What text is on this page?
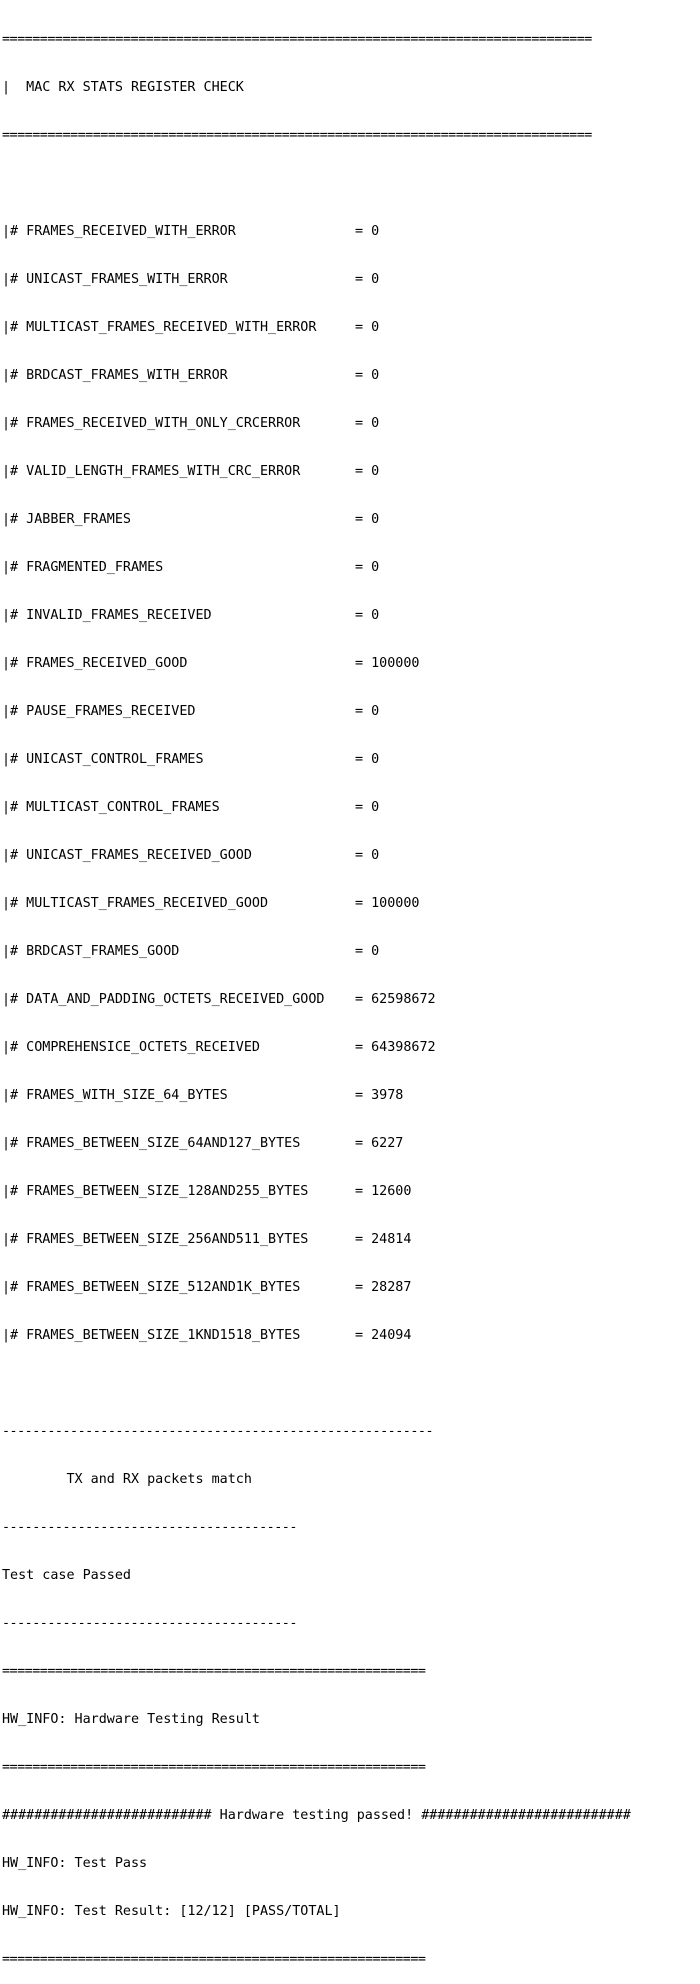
==============================================================================

|  MAC RX STATS REGISTER CHECK

==============================================================================

|# FRAMES_RECEIVED_WITH_ERROR	= 0

|# UNICAST_FRAMES_WITH_ERROR	= 0

|# MULTICAST_FRAMES_RECEIVED_WITH_ERROR	= 0

|# BRDCAST_FRAMES_WITH_ERROR	= 0

|# FRAMES_RECEIVED_WITH_ONLY_CRCERROR	= 0

|# VALID_LENGTH_FRAMES_WITH_CRC_ERROR	= 0

|# JABBER_FRAMES	= 0

|# FRAGMENTED_FRAMES	= 0

|# INVALID_FRAMES_RECEIVED	= 0

|# FRAMES_RECEIVED_GOOD	= 100000

|# PAUSE_FRAMES_RECEIVED	= 0

|# UNICAST_CONTROL_FRAMES	= 0

|# MULTICAST_CONTROL_FRAMES	= 0

|# UNICAST_FRAMES_RECEIVED_GOOD	= 0

|# MULTICAST_FRAMES_RECEIVED_GOOD	= 100000

|# BRDCAST_FRAMES_GOOD	= 0

|# DATA_AND_PADDING_OCTETS_RECEIVED_GOOD = 62598672

|# COMPREHENSICE_OCTETS_RECEIVED	= 64398672

|# FRAMES_WITH_SIZE_64_BYTES	= 3978

|# FRAMES_BETWEEN_SIZE_64AND127_BYTES	= 6227

|# FRAMES_BETWEEN_SIZE_128AND255_BYTES	= 12600

|# FRAMES_BETWEEN_SIZE_256AND511_BYTES	= 24814

|# FRAMES_BETWEEN_SIZE_512AND1K_BYTES	= 28287

|# FRAMES_BETWEEN_SIZE_1KND1518_BYTES	= 24094

---------------------------------------------------------

TX and RX packets match

---------------------------------------

Test case Passed

---------------------------------------

========================================================

HW_INFO: Hardware Testing Result

========================================================

########################## Hardware testing passed! ##########################

HW_INFO: Test Pass

HW_INFO: Test Result: [12/12] [PASS/TOTAL]

========================================================
